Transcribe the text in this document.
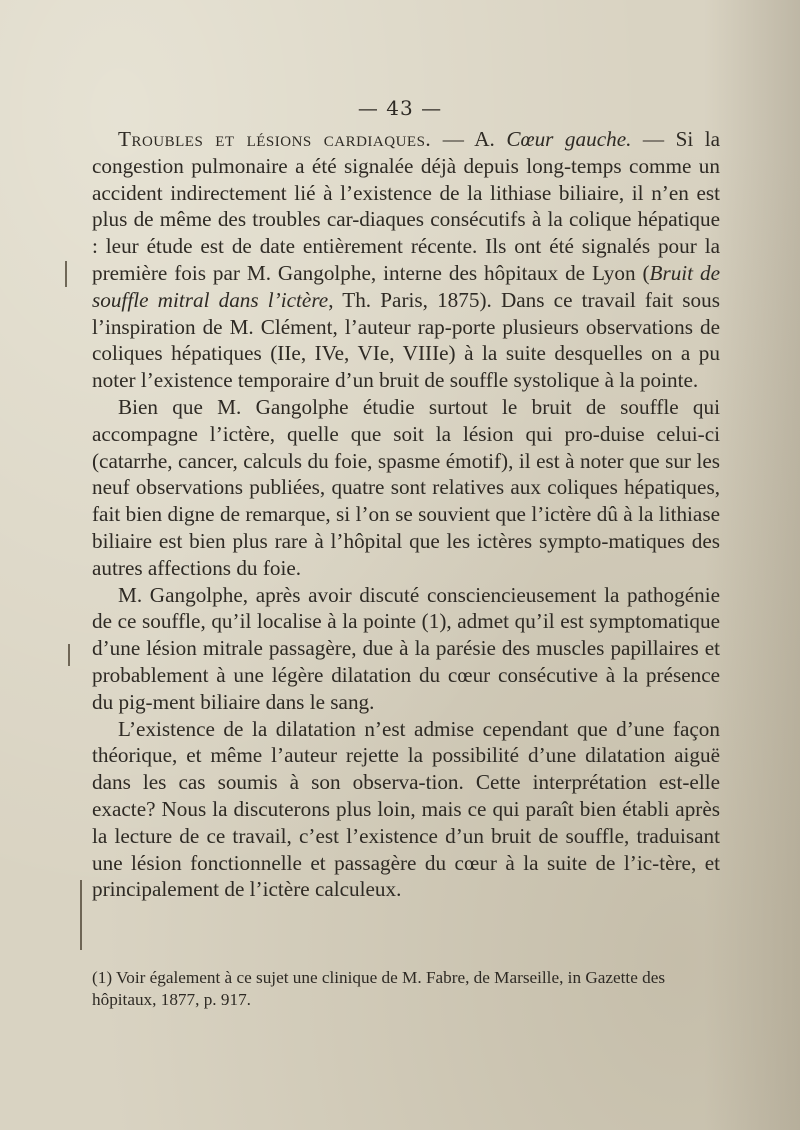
— 43 —

Troubles et lésions cardiaques. — A. Cœur gauche. — Si la congestion pulmonaire a été signalée déjà depuis long-temps comme un accident indirectement lié à l’existence de la lithiase biliaire, il n’en est plus de même des troubles car-diaques consécutifs à la colique hépatique : leur étude est de date entièrement récente. Ils ont été signalés pour la première fois par M. Gangolphe, interne des hôpitaux de Lyon (Bruit de souffle mitral dans l’ictère, Th. Paris, 1875). Dans ce travail fait sous l’inspiration de M. Clément, l’auteur rap-porte plusieurs observations de coliques hépatiques (IIe, IVe, VIe, VIIIe) à la suite desquelles on a pu noter l’existence temporaire d’un bruit de souffle systolique à la pointe.

Bien que M. Gangolphe étudie surtout le bruit de souffle qui accompagne l’ictère, quelle que soit la lésion qui pro-duise celui-ci (catarrhe, cancer, calculs du foie, spasme émotif), il est à noter que sur les neuf observations publiées, quatre sont relatives aux coliques hépatiques, fait bien digne de remarque, si l’on se souvient que l’ictère dû à la lithiase biliaire est bien plus rare à l’hôpital que les ictères sympto-matiques des autres affections du foie.

M. Gangolphe, après avoir discuté consciencieusement la pathogénie de ce souffle, qu’il localise à la pointe (1), admet qu’il est symptomatique d’une lésion mitrale passagère, due à la parésie des muscles papillaires et probablement à une légère dilatation du cœur consécutive à la présence du pig-ment biliaire dans le sang.

L’existence de la dilatation n’est admise cependant que d’une façon théorique, et même l’auteur rejette la possibilité d’une dilatation aiguë dans les cas soumis à son observa-tion. Cette interprétation est-elle exacte? Nous la discuterons plus loin, mais ce qui paraît bien établi après la lecture de ce travail, c’est l’existence d’un bruit de souffle, traduisant une lésion fonctionnelle et passagère du cœur à la suite de l’ic-tère, et principalement de l’ictère calculeux.

(1) Voir également à ce sujet une clinique de M. Fabre, de Marseille, in Gazette des hôpitaux, 1877, p. 917.
